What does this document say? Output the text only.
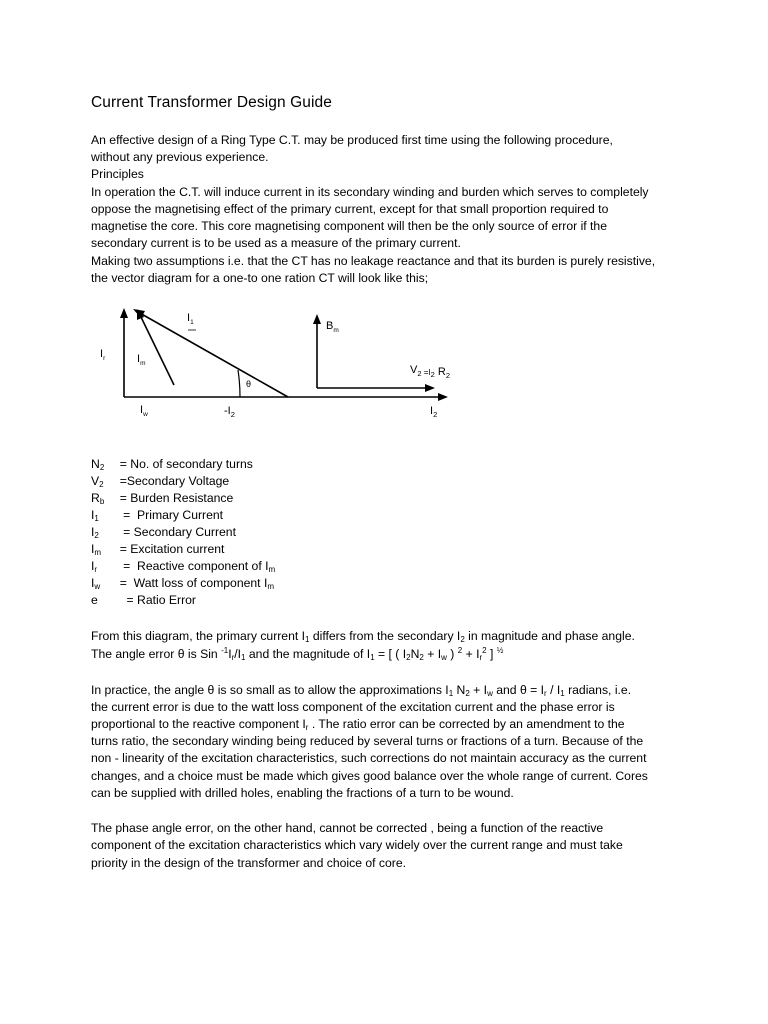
Current Transformer Design Guide
An effective design of a Ring Type C.T. may be produced first time using the following procedure,
without any previous experience.
Principles
In operation the C.T. will induce current in its secondary winding and burden which serves to completely
oppose the magnetising effect of the primary current, except for that small proportion required to
magnetise the core. This core magnetising component will then be the only source of error if the
secondary current is to be used as a measure of the primary current.
Making two assumptions i.e. that the CT has no leakage reactance and that its burden is purely resistive,
the vector diagram for a one-to one ration CT will look like this;
$I_r$	$I_m$
$I_w$
$I_1$
θ
$-I_2$	$I_2$
$B_m$
$V_2 =I2$ $R_2$
$N_2 = No$. of secondary turns
$V_2$ =Secondary Voltage
$R_b$ = Burden Resistance
$I_1$	=  Primary Current
$I_2$	= Secondary Current
$I_m$ = Excitation current
$I_r$	=  Reactive component of $I_m$
$I_w$	=  Watt loss of component $I_m$
e	= Ratio Error
From this diagram, the primary current $I_1$ differs from the secondary $I_2$ in magnitude and phase angle.
The angle error θ is Sin $^{-1}I_r/I_1$ and the magnitude of $I_1$ = [ ( $I_2N_2 + I_w$ ) $^2 + I_r^2$ ] $^{\frac{1}{2}}$
In practice, the angle θ is so small as to allow the approximations $I_1$ $N_2 + I_w$ and $\theta = I_r / I_1$ radians, i.e.
the current error is due to the watt loss component of the excitation current and the phase error is
proportional to the reactive component $I_r$ . The ratio error can be corrected by an amendment to the
turns ratio, the secondary winding being reduced by several turns or fractions of a turn. Because of the
non - linearity of the excitation characteristics, such corrections do not maintain accuracy as the current
changes, and a choice must be made which gives good balance over the whole range of current. Cores
can be supplied with drilled holes, enabling the fractions of a turn to be wound.
The phase angle error, on the other hand, cannot be corrected , being a function of the reactive
component of the excitation characteristics which vary widely over the current range and must take
priority in the design of the transformer and choice of core.
